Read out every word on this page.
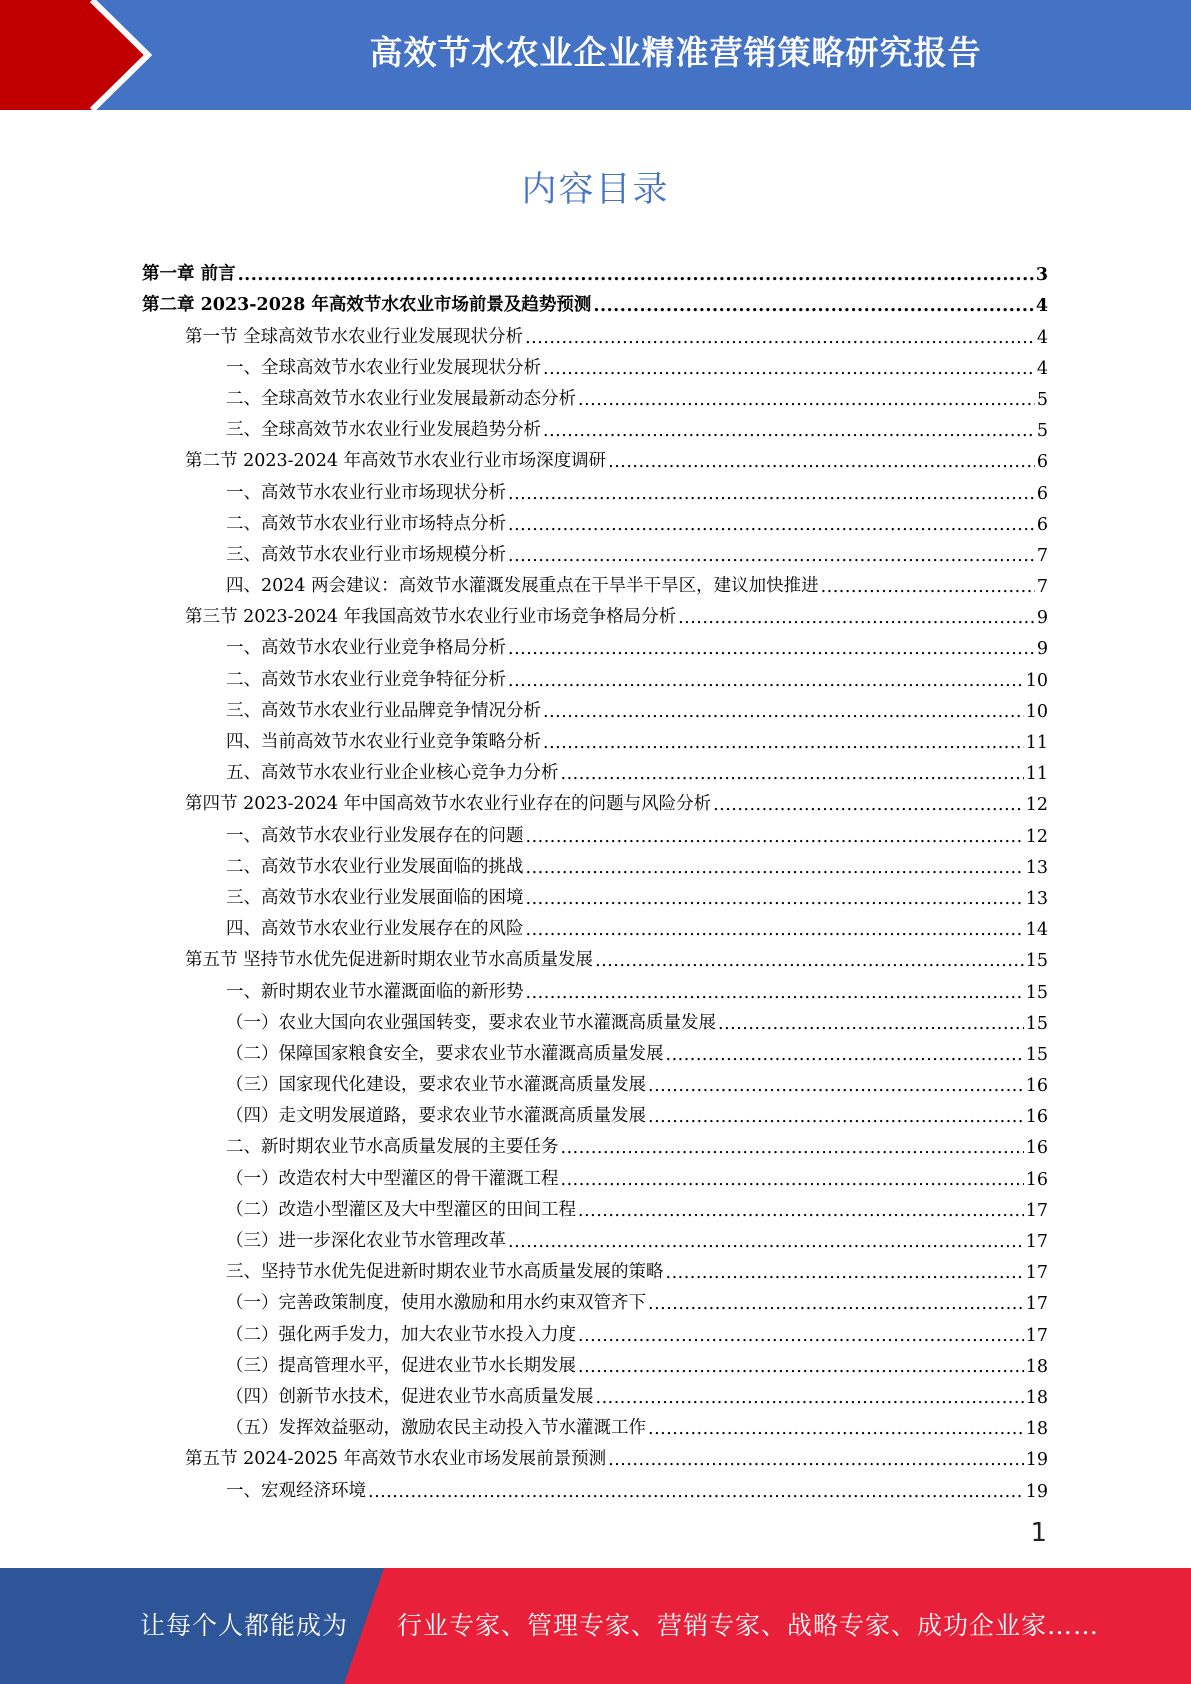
高效节水农业企业精准营销策略研究报告
内容目录
第一章 前言 .....	3
第二章 2023-2028 年高效节水农业市场前景及趋势预测 .....	4
第一节 全球高效节水农业行业发展现状分析 .....	4
一、全球高效节水农业行业发展现状分析 .....	4
二、全球高效节水农业行业发展最新动态分析 .....	5
三、全球高效节水农业行业发展趋势分析 .....	5
第二节 2023-2024 年高效节水农业行业市场深度调研 .....	6
一、高效节水农业行业市场现状分析 .....	6
二、高效节水农业行业市场特点分析 .....	6
三、高效节水农业行业市场规模分析 .....	7
四、2024 两会建议：高效节水灌溉发展重点在干旱半干旱区，建议加快推进 .....	7
第三节 2023-2024 年我国高效节水农业行业市场竞争格局分析 .....	9
一、高效节水农业行业竞争格局分析 .....	9
二、高效节水农业行业竞争特征分析 .....	10
三、高效节水农业行业品牌竞争情况分析 .....	10
四、当前高效节水农业行业竞争策略分析 .....	11
五、高效节水农业行业企业核心竞争力分析 .....	11
第四节 2023-2024 年中国高效节水农业行业存在的问题与风险分析 .....	12
一、高效节水农业行业发展存在的问题 .....	12
二、高效节水农业行业发展面临的挑战 .....	13
三、高效节水农业行业发展面临的困境 .....	13
四、高效节水农业行业发展存在的风险 .....	14
第五节 坚持节水优先促进新时期农业节水高质量发展 .....	15
一、新时期农业节水灌溉面临的新形势 .....	15
（一）农业大国向农业强国转变，要求农业节水灌溉高质量发展 .....	15
（二）保障国家粮食安全，要求农业节水灌溉高质量发展 .....	15
（三）国家现代化建设，要求农业节水灌溉高质量发展 .....	16
（四）走文明发展道路，要求农业节水灌溉高质量发展 .....	16
二、新时期农业节水高质量发展的主要任务 .....	16
（一）改造农村大中型灌区的骨干灌溉工程 .....	16
（二）改造小型灌区及大中型灌区的田间工程 .....	17
（三）进一步深化农业节水管理改革 .....	17
三、坚持节水优先促进新时期农业节水高质量发展的策略 .....	17
（一）完善政策制度，使用水激励和用水约束双管齐下 .....	17
（二）强化两手发力，加大农业节水投入力度 .....	17
（三）提高管理水平，促进农业节水长期发展 .....	18
（四）创新节水技术，促进农业节水高质量发展 .....	18
（五）发挥效益驱动，激励农民主动投入节水灌溉工作 .....	18
第五节 2024-2025 年高效节水农业市场发展前景预测 .....	19
一、宏观经济环境 .....	19
1
让每个人都能成为 行业专家、管理专家、营销专家、战略专家、成功企业家……
